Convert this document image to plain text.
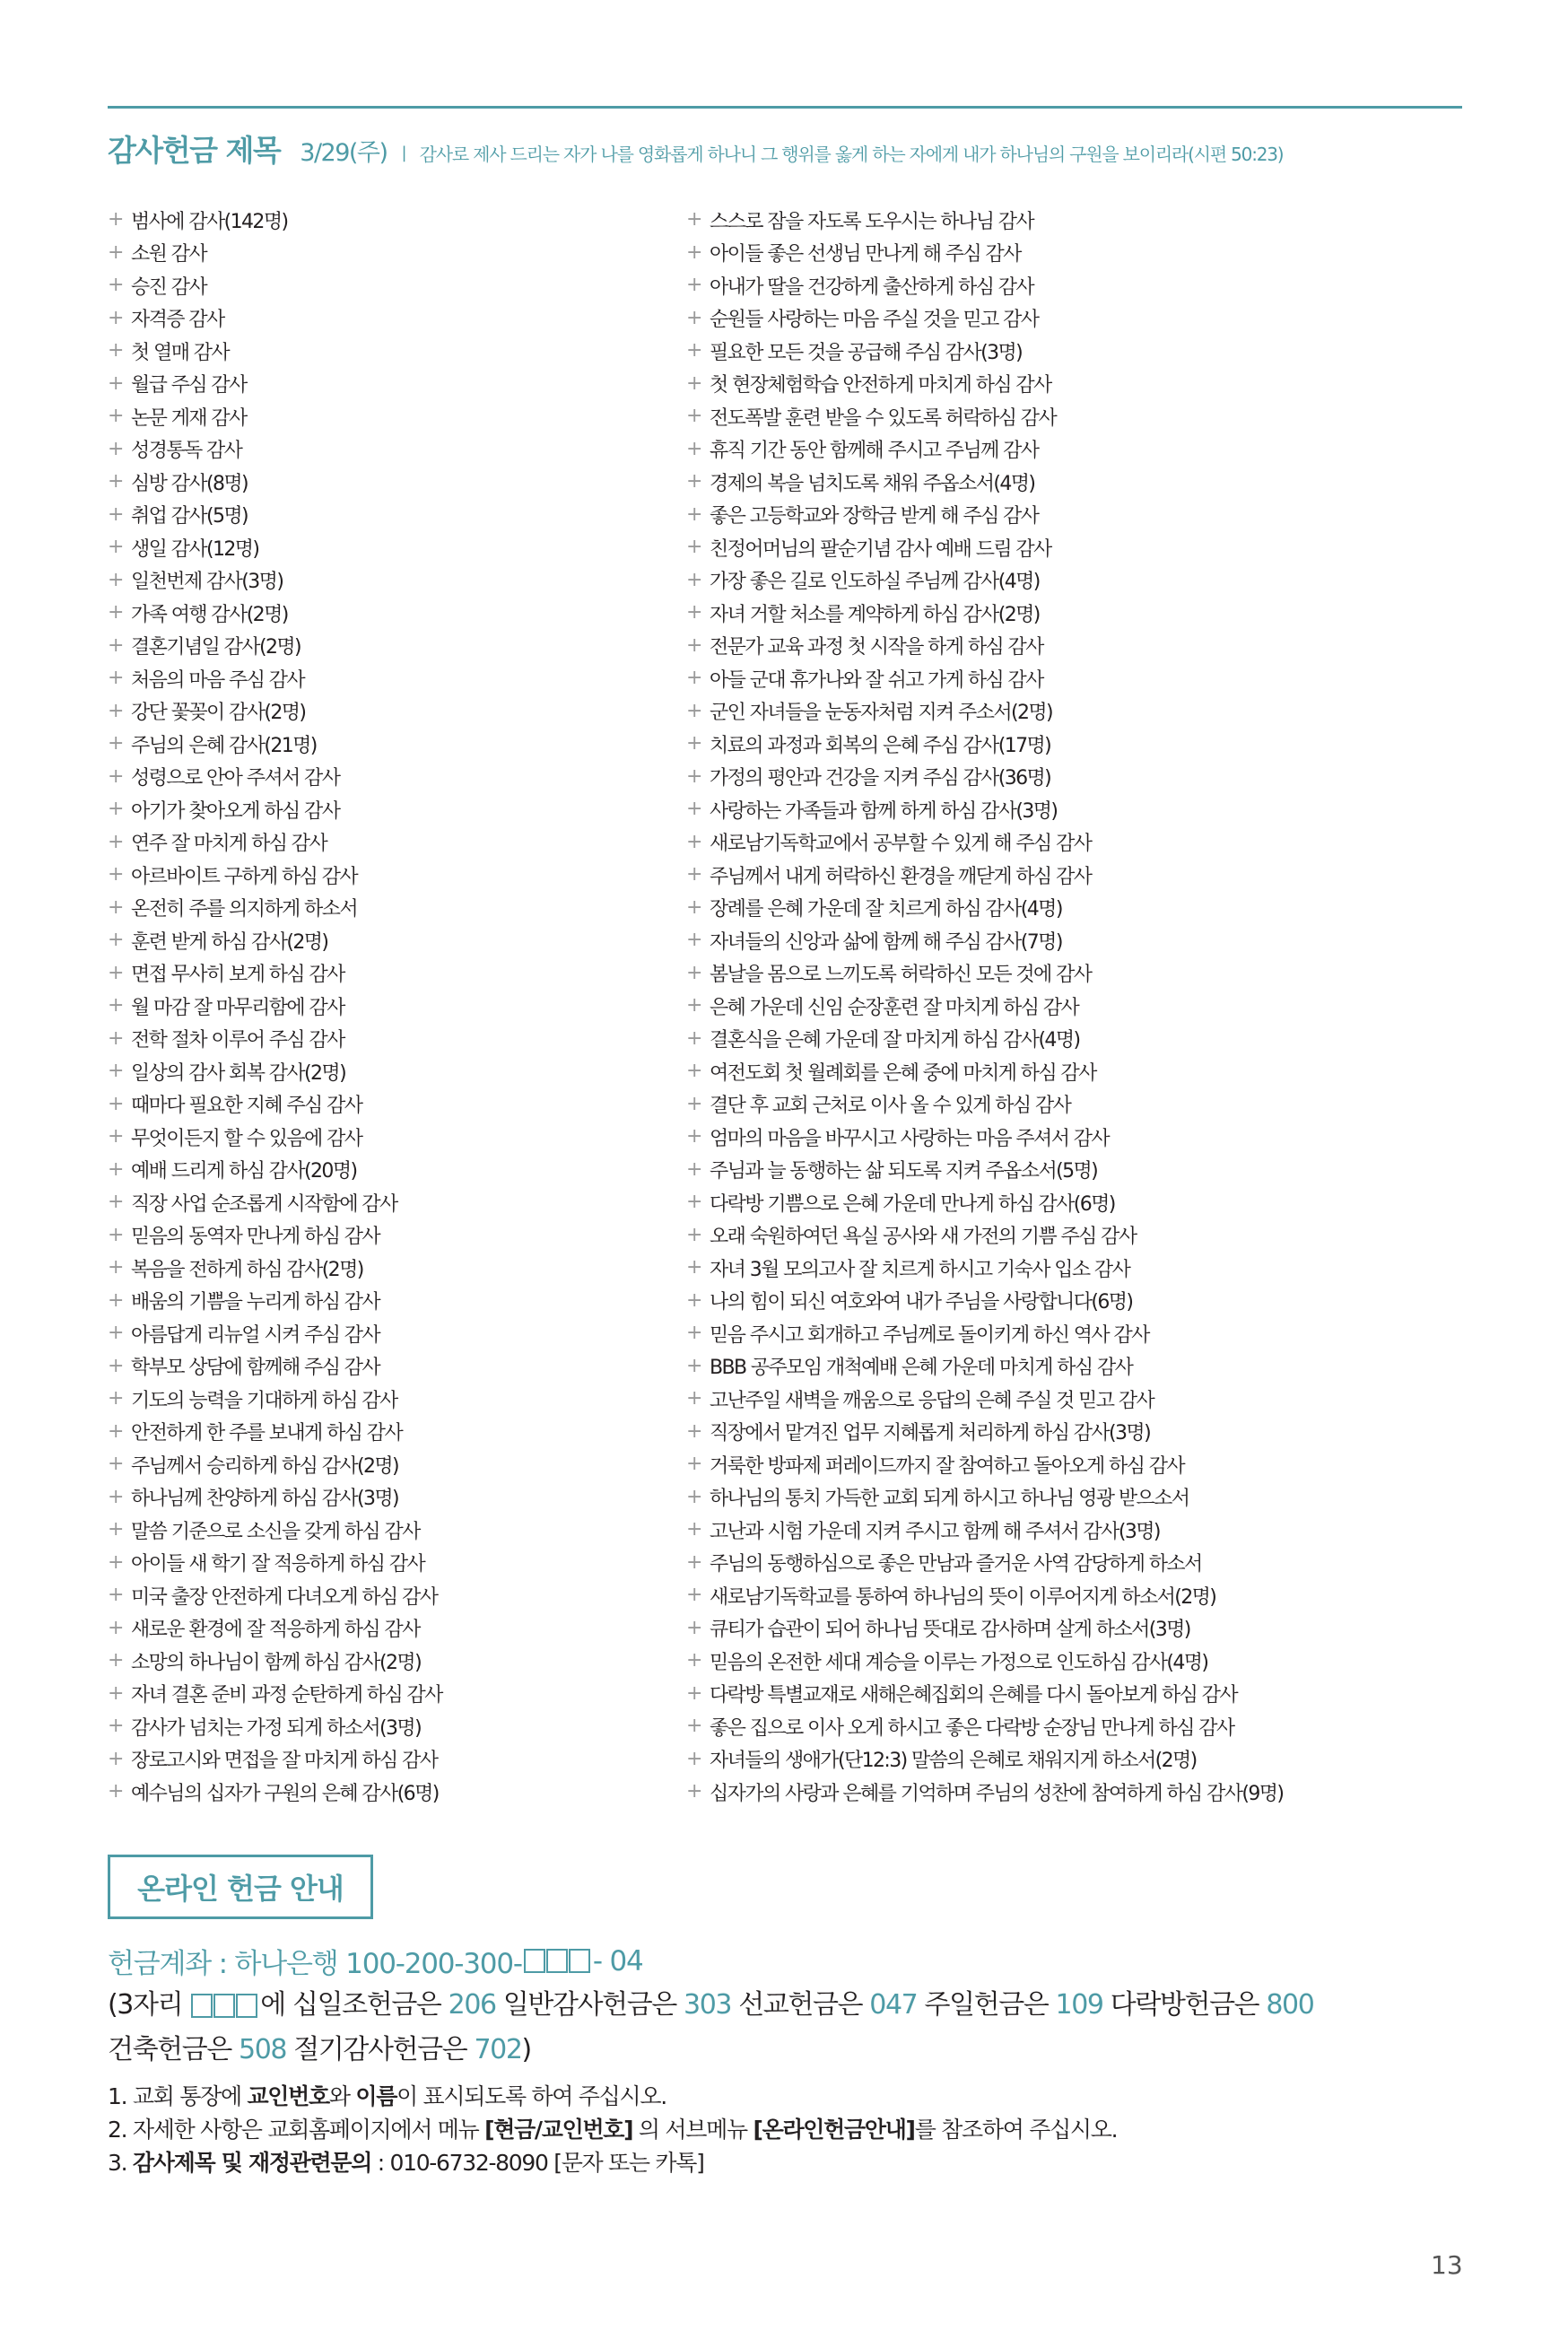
감사헌금 제목 3/29(주) | 감사로 제사 드리는 자가 나를 영화롭게 하나니 그 행위를 옳게 하는 자에게 내가 하나님의 구원을 보이리라(시편 50:23)
+ 범사에 감사(142명)
+ 소원 감사
+ 승진 감사
+ 자격증 감사
+ 첫 열매 감사
+ 월급 주심 감사
+ 논문 게재 감사
+ 성경통독 감사
+ 심방 감사(8명)
+ 취업 감사(5명)
+ 생일 감사(12명)
+ 일천번제 감사(3명)
+ 가족 여행 감사(2명)
+ 결혼기념일 감사(2명)
+ 처음의 마음 주심 감사
+ 강단 꽃꽂이 감사(2명)
+ 주님의 은혜 감사(21명)
+ 성령으로 안아 주셔서 감사
+ 아기가 찾아오게 하심 감사
+ 연주 잘 마치게 하심 감사
+ 아르바이트 구하게 하심 감사
+ 온전히 주를 의지하게 하소서
+ 훈련 받게 하심 감사(2명)
+ 면접 무사히 보게 하심 감사
+ 월 마감 잘 마무리함에 감사
+ 전학 절차 이루어 주심 감사
+ 일상의 감사 회복 감사(2명)
+ 때마다 필요한 지혜 주심 감사
+ 무엇이든지 할 수 있음에 감사
+ 예배 드리게 하심 감사(20명)
+ 직장 사업 순조롭게 시작함에 감사
+ 믿음의 동역자 만나게 하심 감사
+ 복음을 전하게 하심 감사(2명)
+ 배움의 기쁨을 누리게 하심 감사
+ 아름답게 리뉴얼 시켜 주심 감사
+ 학부모 상담에 함께해 주심 감사
+ 기도의 능력을 기대하게 하심 감사
+ 안전하게 한 주를 보내게 하심 감사
+ 주님께서 승리하게 하심 감사(2명)
+ 하나님께 찬양하게 하심 감사(3명)
+ 말씀 기준으로 소신을 갖게 하심 감사
+ 아이들 새 학기 잘 적응하게 하심 감사
+ 미국 출장 안전하게 다녀오게 하심 감사
+ 새로운 환경에 잘 적응하게 하심 감사
+ 소망의 하나님이 함께 하심 감사(2명)
+ 자녀 결혼 준비 과정 순탄하게 하심 감사
+ 감사가 넘치는 가정 되게 하소서(3명)
+ 장로고시와 면접을 잘 마치게 하심 감사
+ 예수님의 십자가 구원의 은혜 감사(6명)
+ 스스로 잠을 자도록 도우시는 하나님 감사
+ 아이들 좋은 선생님 만나게 해 주심 감사
+ 아내가 딸을 건강하게 출산하게 하심 감사
+ 순원들 사랑하는 마음 주실 것을 믿고 감사
+ 필요한 모든 것을 공급해 주심 감사(3명)
+ 첫 현장체험학습 안전하게 마치게 하심 감사
+ 전도폭발 훈련 받을 수 있도록 허락하심 감사
+ 휴직 기간 동안 함께해 주시고 주님께 감사
+ 경제의 복을 넘치도록 채워 주옵소서(4명)
+ 좋은 고등학교와 장학금 받게 해 주심 감사
+ 친정어머님의 팔순기념 감사 예배 드림 감사
+ 가장 좋은 길로 인도하실 주님께 감사(4명)
+ 자녀 거할 처소를 계약하게 하심 감사(2명)
+ 전문가 교육 과정 첫 시작을 하게 하심 감사
+ 아들 군대 휴가나와 잘 쉬고 가게 하심 감사
+ 군인 자녀들을 눈동자처럼 지켜 주소서(2명)
+ 치료의 과정과 회복의 은혜 주심 감사(17명)
+ 가정의 평안과 건강을 지켜 주심 감사(36명)
+ 사랑하는 가족들과 함께 하게 하심 감사(3명)
+ 새로남기독학교에서 공부할 수 있게 해 주심 감사
+ 주님께서 내게 허락하신 환경을 깨닫게 하심 감사
+ 장례를 은혜 가운데 잘 치르게 하심 감사(4명)
+ 자녀들의 신앙과 삶에 함께 해 주심 감사(7명)
+ 봄날을 몸으로 느끼도록 허락하신 모든 것에 감사
+ 은혜 가운데 신임 순장훈련 잘 마치게 하심 감사
+ 결혼식을 은혜 가운데 잘 마치게 하심 감사(4명)
+ 여전도회 첫 월례회를 은혜 중에 마치게 하심 감사
+ 결단 후 교회 근처로 이사 올 수 있게 하심 감사
+ 엄마의 마음을 바꾸시고 사랑하는 마음 주셔서 감사
+ 주님과 늘 동행하는 삶 되도록 지켜 주옵소서(5명)
+ 다락방 기쁨으로 은혜 가운데 만나게 하심 감사(6명)
+ 오래 숙원하여던 욕실 공사와 새 가전의 기쁨 주심 감사
+ 자녀 3월 모의고사 잘 치르게 하시고 기숙사 입소 감사
+ 나의 힘이 되신 여호와여 내가 주님을 사랑합니다(6명)
+ 믿음 주시고 회개하고 주님께로 돌이키게 하신 역사 감사
+ BBB 공주모임 개척예배 은혜 가운데 마치게 하심 감사
+ 고난주일 새벽을 깨움으로 응답의 은혜 주실 것 믿고 감사
+ 직장에서 맡겨진 업무 지혜롭게 처리하게 하심 감사(3명)
+ 거룩한 방파제 퍼레이드까지 잘 참여하고 돌아오게 하심 감사
+ 하나님의 통치 가득한 교회 되게 하시고 하나님 영광 받으소서
+ 고난과 시험 가운데 지켜 주시고 함께 해 주셔서 감사(3명)
+ 주님의 동행하심으로 좋은 만남과 즐거운 사역 감당하게 하소서
+ 새로남기독학교를 통하여 하나님의 뜻이 이루어지게 하소서(2명)
+ 큐티가 습관이 되어 하나님 뜻대로 감사하며 살게 하소서(3명)
+ 믿음의 온전한 세대 계승을 이루는 가정으로 인도하심 감사(4명)
+ 다락방 특별교재로 새해은혜집회의 은혜를 다시 돌아보게 하심 감사
+ 좋은 집으로 이사 오게 하시고 좋은 다락방 순장님 만나게 하심 감사
+ 자녀들의 생애가(단12:3) 말씀의 은혜로 채워지게 하소서(2명)
+ 십자가의 사랑과 은혜를 기억하며 주님의 성찬에 참여하게 하심 감사(9명)
온라인 헌금 안내
헌금계좌 : 하나은행 100-200-300-	- 04
(3자리	에 십일조헌금은 206 일반감사헌금은 303 선교헌금은 047 주일헌금은 109 다락방헌금은 800
건축헌금은 508 절기감사헌금은 702)
1. 교회 통장에 교인번호와 이름이 표시되도록 하여 주십시오.
2. 자세한 사항은 교회홈페이지에서 메뉴 [현금/교인번호] 의 서브메뉴 [온라인헌금안내]를 참조하여 주십시오.
3. 감사제목 및 재정관련문의 : 010-6732-8090 [문자 또는 카톡]
13
